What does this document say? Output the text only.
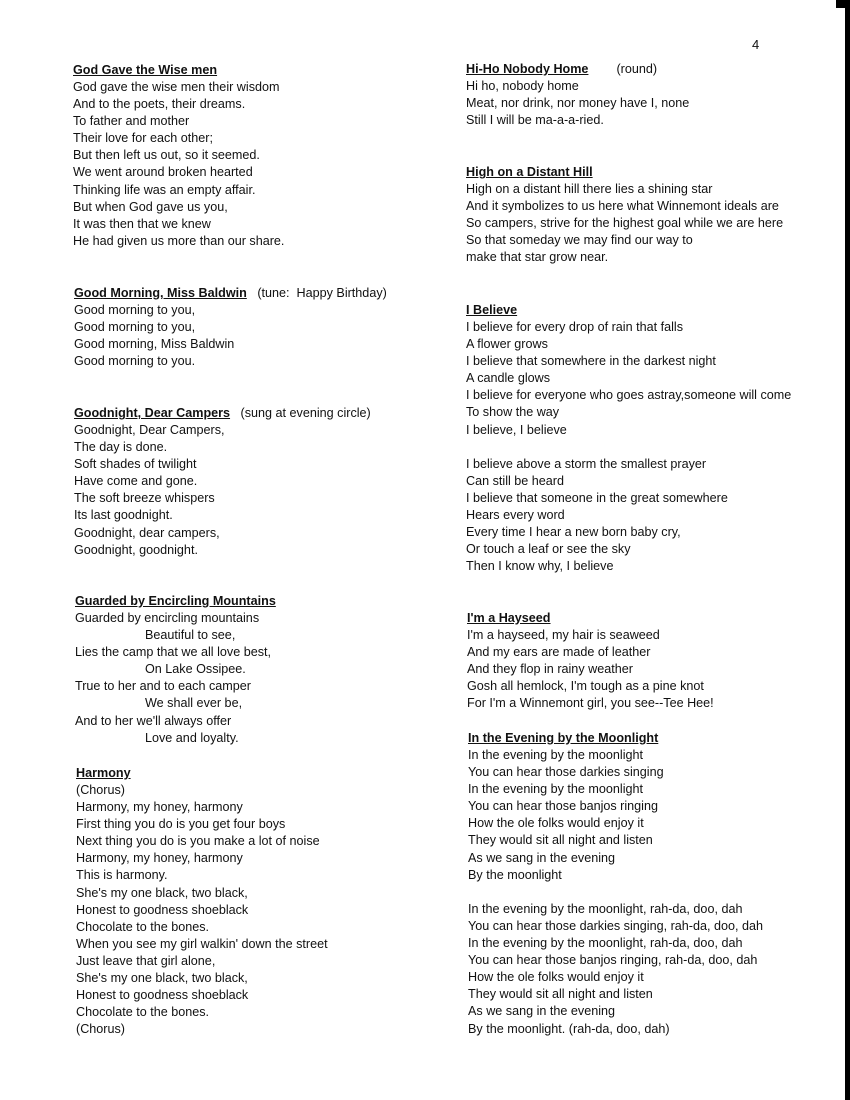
4
God Gave the Wise men
God gave the wise men their wisdom
And to the poets, their dreams.
To father and mother
Their love for each other;
But then left us out, so it seemed.
We went around broken hearted
Thinking life was an empty affair.
But when God gave us you,
It was then that we knew
He had given us more than our share.
Good Morning, Miss Baldwin (tune:  Happy Birthday)
Good morning to you,
Good morning to you,
Good morning, Miss Baldwin
Good morning to you.
Goodnight, Dear Campers (sung at evening circle)
Goodnight, Dear Campers,
The day is done.
Soft shades of twilight
Have come and gone.
The soft breeze whispers
Its last goodnight.
Goodnight, dear campers,
Goodnight, goodnight.
Guarded by Encircling Mountains
Guarded by encircling mountains
Beautiful to see,
Lies the camp that we all love best,
On Lake Ossipee.
True to her and to each camper
We shall ever be,
And to her we'll always offer
Love and loyalty.
Harmony
(Chorus)
Harmony, my honey, harmony
First thing you do is you get four boys
Next thing you do is you make a lot of noise
Harmony, my honey, harmony
This is harmony.
She's my one black, two black,
Honest to goodness shoeblack
Chocolate to the bones.
When you see my girl walkin' down the street
Just leave that girl alone,
She's my one black, two black,
Honest to goodness shoeblack
Chocolate to the bones.
(Chorus)
Hi-Ho Nobody Home (round)
Hi ho, nobody home
Meat, nor drink, nor money have I, none
Still I will be ma-a-a-ried.
High on a Distant Hill
High on a distant hill there lies a shining star
And it symbolizes to us here what Winnemont ideals are
So campers, strive for the highest goal while we are here
So that someday we may find our way to
make that star grow near.
I Believe
I believe for every drop of rain that falls
A flower grows
I believe that somewhere in the darkest night
A candle glows
I believe for everyone who goes astray,someone will come
To show the way
I believe, I believe
I believe above a storm the smallest prayer
Can still be heard
I believe that someone in the great somewhere
Hears every word
Every time I hear a new born baby cry,
Or touch a leaf or see the sky
Then I know why, I believe
I'm a Hayseed
I'm a hayseed, my hair is seaweed
And my ears are made of leather
And they flop in rainy weather
Gosh all hemlock, I'm tough as a pine knot
For I'm a Winnemont girl, you see--Tee Hee!
In the Evening by the Moonlight
In the evening by the moonlight
You can hear those darkies singing
In the evening by the moonlight
You can hear those banjos ringing
How the ole folks would enjoy it
They would sit all night and listen
As we sang in the evening
By the moonlight
In the evening by the moonlight, rah-da, doo, dah
You can hear those darkies singing, rah-da, doo, dah
In the evening by the moonlight, rah-da, doo, dah
You can hear those banjos ringing, rah-da, doo, dah
How the ole folks would enjoy it
They would sit all night and listen
As we sang in the evening
By the moonlight. (rah-da, doo, dah)
